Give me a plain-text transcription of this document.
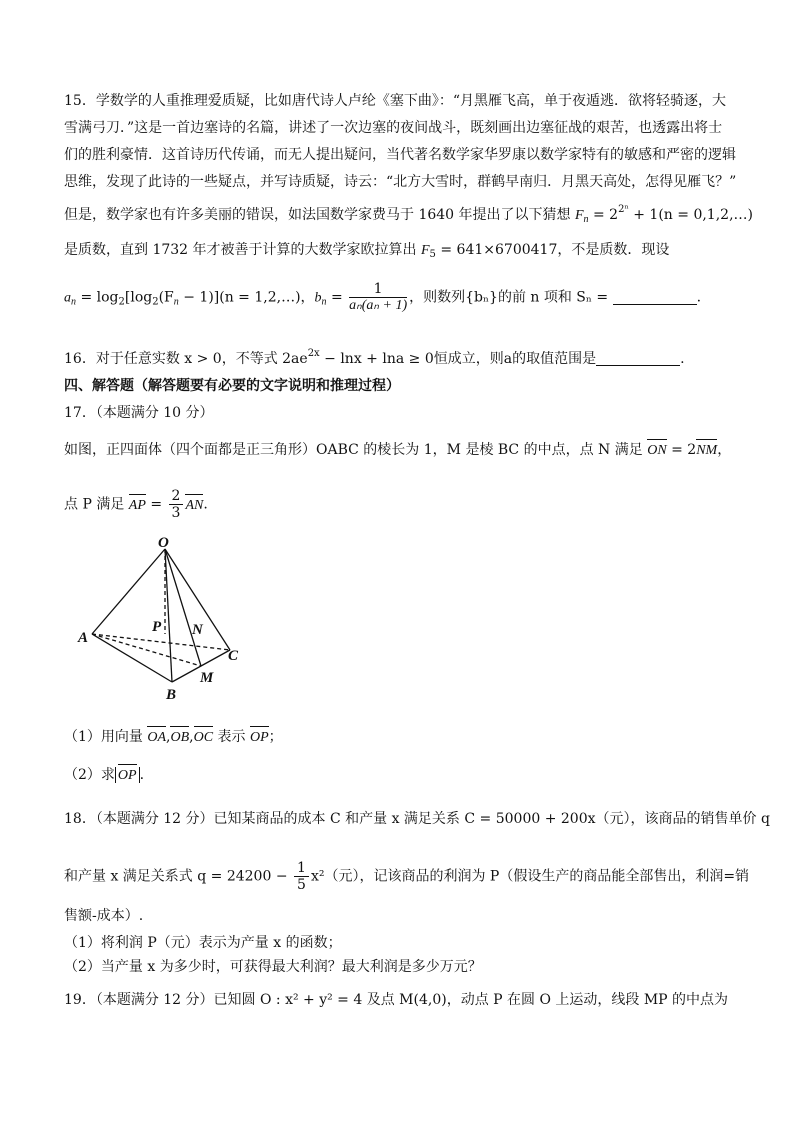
15．学数学的人重推理爱质疑，比如唐代诗人卢纶《塞下曲》：“月黑雁飞高，单于夜遁逃．欲将轻骑逐，大
雪满弓刀．”这是一首边塞诗的名篇，讲述了一次边塞的夜间战斗，既刻画出边塞征战的艰苦，也透露出将士
们的胜利豪情．这首诗历代传诵，而无人提出疑问，当代著名数学家华罗康以数学家特有的敏感和严密的逻辑
思维，发现了此诗的一些疑点，并写诗质疑，诗云：“北方大雪时，群鹤早南归．月黑天高处，怎得见雁飞？”
但是，数学家也有许多美丽的错误，如法国数学家费马于 1640 年提出了以下猜想 $F_n = 2^{2^n} + 1(n$ = 0,1,2,…)
是质数，直到 1732 年才被善于计算的大数学家欧拉算出 $F_5 = 641\times 6700417$，不是质数．现设
$a_n = \log_2[\log_2(F_n - 1)](n$ = 1,2,…)，$b_n = \frac{1}{\text{aₙ(aₙ + 1)}}$ ，则数列{bₙ}的前 n 项和 Sₙ =	.
16．对于任意实数 x > 0，不等式 $2ae^{2x} - \ln x + \ln a \ge 0$恒成立，则a的取值范围是	.
四、解答题（解答题要有必要的文字说明和推理过程）
17．（本题满分 10 分）
如图，正四面体（四个面都是正三角形）OABC 的棱长为 1，M 是棱 BC 的中点，点 N 满足 ON = 2NM，
点 P 满足 AP = $\frac{2}{3}$ AN.
O
A
B
C
M
N
P
（1）用向量 OA,OB,OC 表示 OP；
（2）求 OP .
18．（本题满分 12 分）已知某商品的成本 C 和产量 x 满足关系 C = 50000 + 200x（元），该商品的销售单价 q
和产量 x 满足关系式 $q = 24200 - \frac{1}{5} x^2$（元），记该商品的利润为 P（假设生产的商品能全部售出，利润=销
售额-成本）.
（1）将利润 P（元）表示为产量 x 的函数；
（2）当产量 x 为多少时，可获得最大利润？最大利润是多少万元？
19．（本题满分 12 分）已知圆 O : x² + y² = 4 及点 M(4,0)，动点 P 在圆 O 上运动，线段 MP 的中点为
